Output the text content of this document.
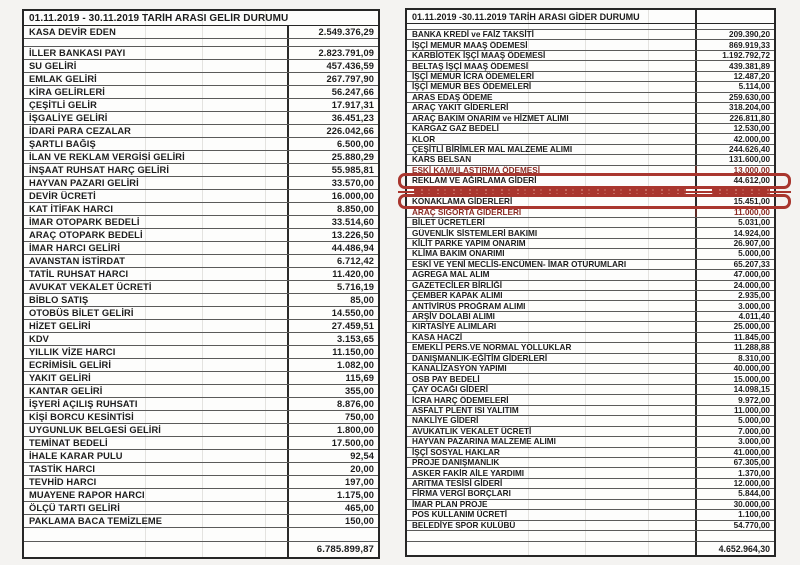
01.11.2019 - 30.11.2019 TARİH ARASI GELİR DURUMU
KASA DEVİR EDEN	2.549.376,29
İLLER BANKASI PAYI	2.823.791,09
SU GELİRİ	457.436,59
EMLAK GELİRİ	267.797,90
KİRA GELİRLERİ	56.247,66
ÇEŞİTLİ GELİR	17.917,31
İŞGALİYE GELİRİ	36.451,23
İDARİ PARA CEZALAR	226.042,66
ŞARTLI BAĞIŞ	6.500,00
İLAN VE REKLAM VERGİSİ GELİRİ	25.880,29
İNŞAAT RUHSAT HARÇ GELİRİ	55.985,81
HAYVAN PAZARI GELİRİ	33.570,00
DEVİR ÜCRETİ	16.000,00
KAT İTİFAK HARCI	8.850,00
İMAR OTOPARK BEDELİ	33.514,60
ARAÇ OTOPARK BEDELİ	13.226,50
İMAR HARCI GELİRİ	44.486,94
AVANSTAN İSTİRDAT	6.712,42
TATİL RUHSAT HARCI	11.420,00
AVUKAT VEKALET ÜCRETİ	5.716,19
BİBLO SATIŞ	85,00
OTOBÜS BİLET GELİRİ	14.550,00
HİZET GELİRİ	27.459,51
KDV	3.153,65
YILLIK VİZE HARCI	11.150,00
ECRİMİSİL GELİRİ	1.082,00
YAKIT GELİRİ	115,69
KANTAR GELİRİ	355,00
İŞYERİ AÇILIŞ RUHSATI	8.876,00
KİŞİ BORCU KESİNTİSİ	750,00
UYGUNLUK BELGESİ GELİRİ	1.800,00
TEMİNAT BEDELİ	17.500,00
İHALE KARAR PULU	92,54
TASTİK HARCI	20,00
TEVHİD HARCI	197,00
MUAYENE RAPOR HARCI	1.175,00
ÖLÇÜ TARTI GELİRİ	465,00
PAKLAMA BACA TEMİZLEME	150,00
6.785.899,87
01.11.2019 -30.11.2019 TARİH ARASI GİDER DURUMU
BANKA KREDİ ve FAİZ TAKSİTİ	209.390,20
İŞÇİ MEMUR MAAŞ ÖDEMESİ	869.919,33
KARBİOTEK İŞÇİ MAAŞ ÖDEMESİ	1.192.792,72
BELTAŞ İŞÇİ MAAŞ ÖDEMESİ	439.381,89
İŞÇİ MEMUR İCRA ÖDEMELERİ	12.487,20
İŞÇİ MEMUR BES ÖDEMELERİ	5.114,00
ARAS EDAŞ ÖDEME	259.630,00
ARAÇ YAKIT GİDERLERİ	318.204,00
ARAÇ BAKIM ONARIM ve HİZMET ALIMI	226.811,80
KARGAZ GAZ BEDELİ	12.530,00
KLOR	42.000,00
ÇEŞİTLİ BİRİMLER MAL MALZEME ALIMI	244.626,40
KARS BELSAN	131.600,00
ESKİ KAMULAŞTIRMA ÖDEMESİ	13.000,00
REKLAM VE AĞIRLAMA GİDERİ	44.612,00
KONAKLAMA GİDERLERİ	15.451,00
ARAÇ SİGORTA GİDERLERİ	11.000,00
BİLET ÜCRETLERİ	5.031,00
GÜVENLİK SİSTEMLERİ BAKIMI	14.924,00
KİLİT PARKE YAPIM ONARIM	26.907,00
KLİMA BAKIM ONARIMI	5.000,00
ESKİ VE YENİ MECLİS-ENCÜMEN- İMAR OTURUMLARI	65.207,33
AGREGA MAL ALIM	47.000,00
GAZETECİLER BİRLİĞİ	24.000,00
ÇEMBER KAPAK ALIMI	2.935,00
ANTİVİRÜS PROĞRAM ALIMI	3.000,00
ARŞİV DOLABI ALIMI	4.011,40
KIRTASİYE ALIMLARI	25.000,00
KASA HACZİ	11.845,00
EMEKLİ PERS.VE NORMAL YOLLUKLAR	11.288,88
DANIŞMANLIK-EĞİTİM GİDERLERİ	8.310,00
KANALİZASYON YAPIMI	40.000,00
OSB PAY BEDELİ	15.000,00
ÇAY OCAĞI GİDERİ	14.098,15
İCRA HARÇ ÖDEMELERİ	9.972,00
ASFALT PLENT ISI YALITIM	11.000,00
NAKLİYE GİDERİ	5.000,00
AVUKATLIK VEKALET ÜCRETİ	7.000,00
HAYVAN PAZARINA MALZEME ALIMI	3.000,00
İŞÇİ SOSYAL HAKLAR	41.000,00
PROJE DANIŞMANLIK	67.305,00
ASKER FAKİR AİLE YARDIMI	1.370,00
ARITMA TESİSİ GİDERİ	12.000,00
FİRMA VERGİ BORÇLARI	5.844,00
İMAR PLAN PROJE	30.000,00
POS KULLANIM ÜCRETİ	1.100,00
BELEDİYE SPOR KULÜBÜ	54.770,00
4.652.964,30
